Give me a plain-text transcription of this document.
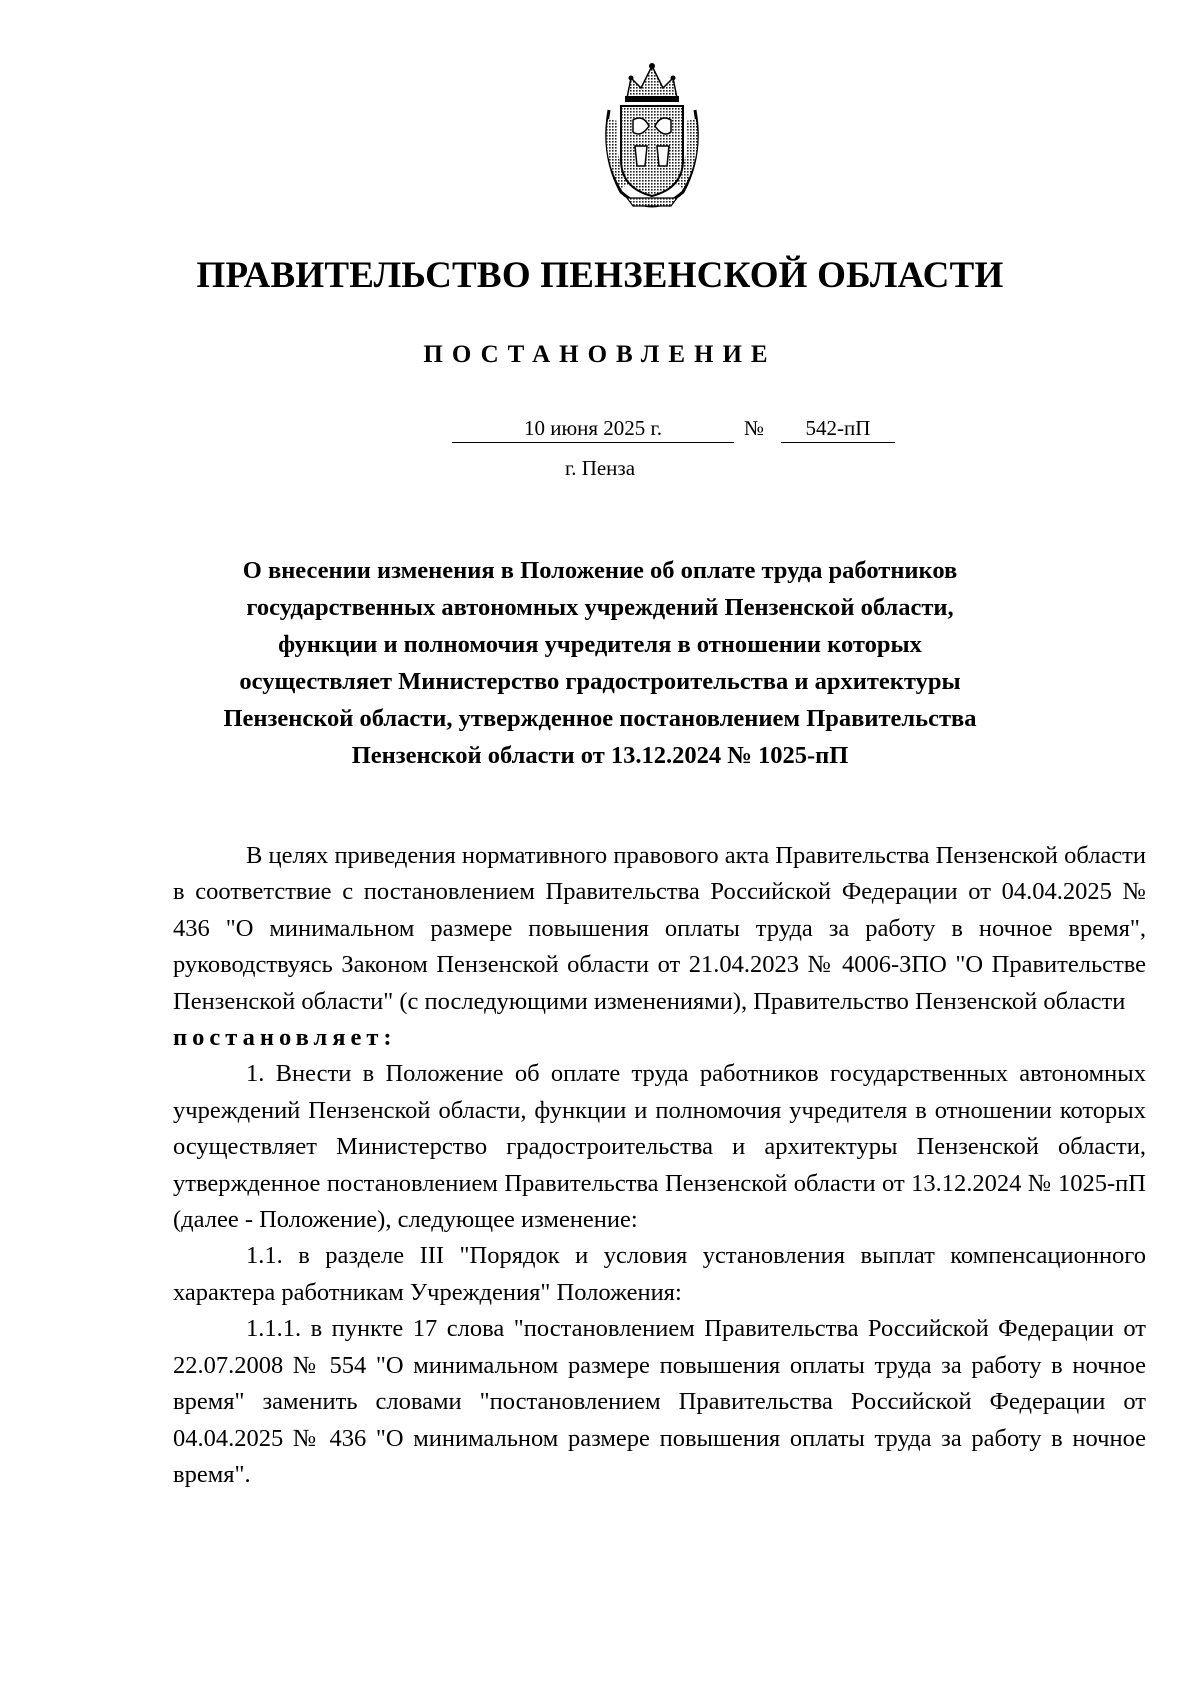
ПРАВИТЕЛЬСТВО ПЕНЗЕНСКОЙ ОБЛАСТИ
ПОСТАНОВЛЕНИЕ
10 июня 2025 г.	№	542-пП
г. Пенза
О внесении изменения в Положение об оплате труда работников государственных автономных учреждений Пензенской области, функции и полномочия учредителя в отношении которых осуществляет Министерство градостроительства и архитектуры Пензенской области, утвержденное постановлением Правительства Пензенской области от 13.12.2024 № 1025-пП

В целях приведения нормативного правового акта Правительства Пензенской области в соответствие с постановлением Правительства Российской Федерации от 04.04.2025 № 436 "О минимальном размере повышения оплаты труда за работу в ночное время", руководствуясь Законом Пензенской области от 21.04.2023 № 4006-ЗПО "О Правительстве Пензенской области" (с последующими изменениями), Правительство Пензенской области

постановляет:

1. Внести в Положение об оплате труда работников государственных автономных учреждений Пензенской области, функции и полномочия учредителя в отношении которых осуществляет Министерство градостроительства и архитектуры Пензенской области, утвержденное постановлением Правительства Пензенской области от 13.12.2024 № 1025-пП (далее - Положение), следующее изменение:

1.1. в разделе III "Порядок и условия установления выплат компенсационного характера работникам Учреждения" Положения:

1.1.1. в пункте 17 слова "постановлением Правительства Российской Федерации от 22.07.2008 № 554 "О минимальном размере повышения оплаты труда за работу в ночное время" заменить словами "постановлением Правительства Российской Федерации от 04.04.2025 № 436 "О минимальном размере повышения оплаты труда за работу в ночное время".
